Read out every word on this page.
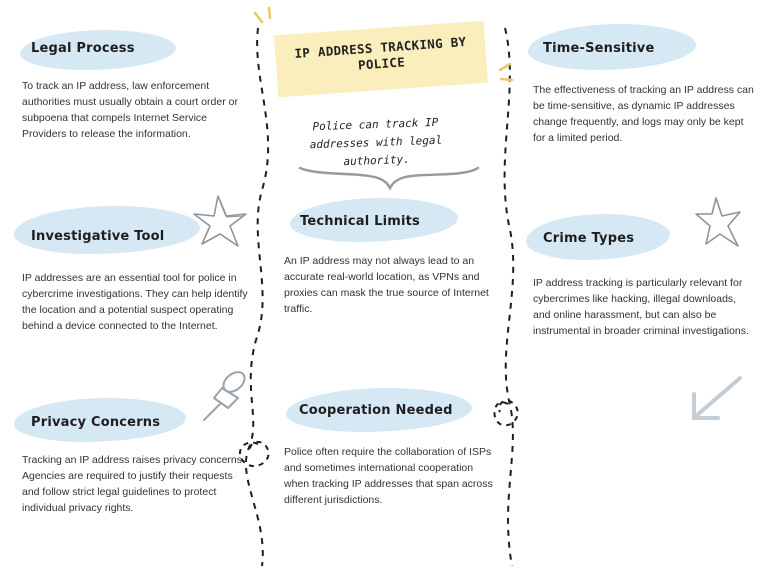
IP ADDRESS TRACKING BY POLICE
Police can track IP addresses with legal authority.
Legal Process

To track an IP address, law enforcement authorities must usually obtain a court order or subpoena that compels Internet Service Providers to release the information.

Investigative Tool

IP addresses are an essential tool for police in cybercrime investigations. They can help identify the location and a potential suspect operating behind a device connected to the Internet.

Privacy Concerns

Tracking an IP address raises privacy concerns. Agencies are required to justify their requests and follow strict legal guidelines to protect individual privacy rights.

Technical Limits

An IP address may not always lead to an accurate real-world location, as VPNs and proxies can mask the true source of Internet traffic.

Cooperation Needed

Police often require the collaboration of ISPs and sometimes international cooperation when tracking IP addresses that span across different jurisdictions.

Time-Sensitive

The effectiveness of tracking an IP address can be time-sensitive, as dynamic IP addresses change frequently, and logs may only be kept for a limited period.

Crime Types

IP address tracking is particularly relevant for cybercrimes like hacking, illegal downloads, and online harassment, but can also be instrumental in broader criminal investigations.
